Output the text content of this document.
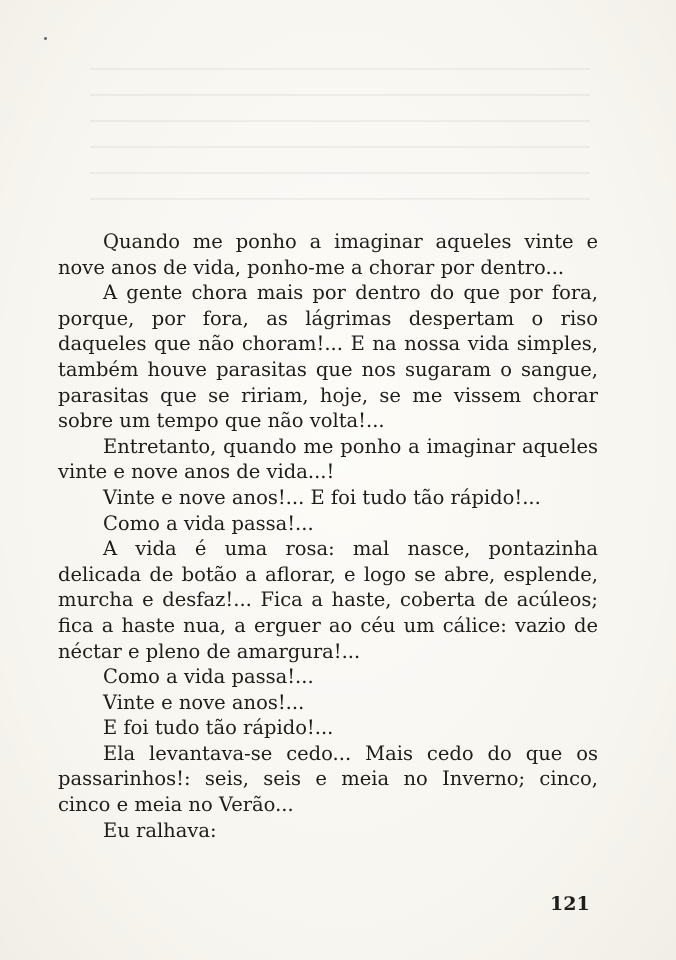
Quando me ponho a imaginar aqueles vinte e nove anos de vida, ponho-me a chorar por dentro...

A gente chora mais por dentro do que por fora, porque, por fora, as lágrimas despertam o riso daqueles que não choram!... E na nossa vida simples, também houve parasitas que nos sugaram o sangue, parasitas que se ririam, hoje, se me vissem chorar sobre um tempo que não volta!...

Entretanto, quando me ponho a imaginar aqueles vinte e nove anos de vida...!

Vinte e nove anos!... E foi tudo tão rápido!...

Como a vida passa!...

A vida é uma rosa: mal nasce, pontazinha delicada de botão a aflorar, e logo se abre, esplende, murcha e desfaz!... Fica a haste, coberta de acúleos; fica a haste nua, a erguer ao céu um cálice: vazio de néctar e pleno de amargura!...

Como a vida passa!...

Vinte e nove anos!...

E foi tudo tão rápido!...

Ela levantava-se cedo... Mais cedo do que os passarinhos!: seis, seis e meia no Inverno; cinco, cinco e meia no Verão...

Eu ralhava:

121
